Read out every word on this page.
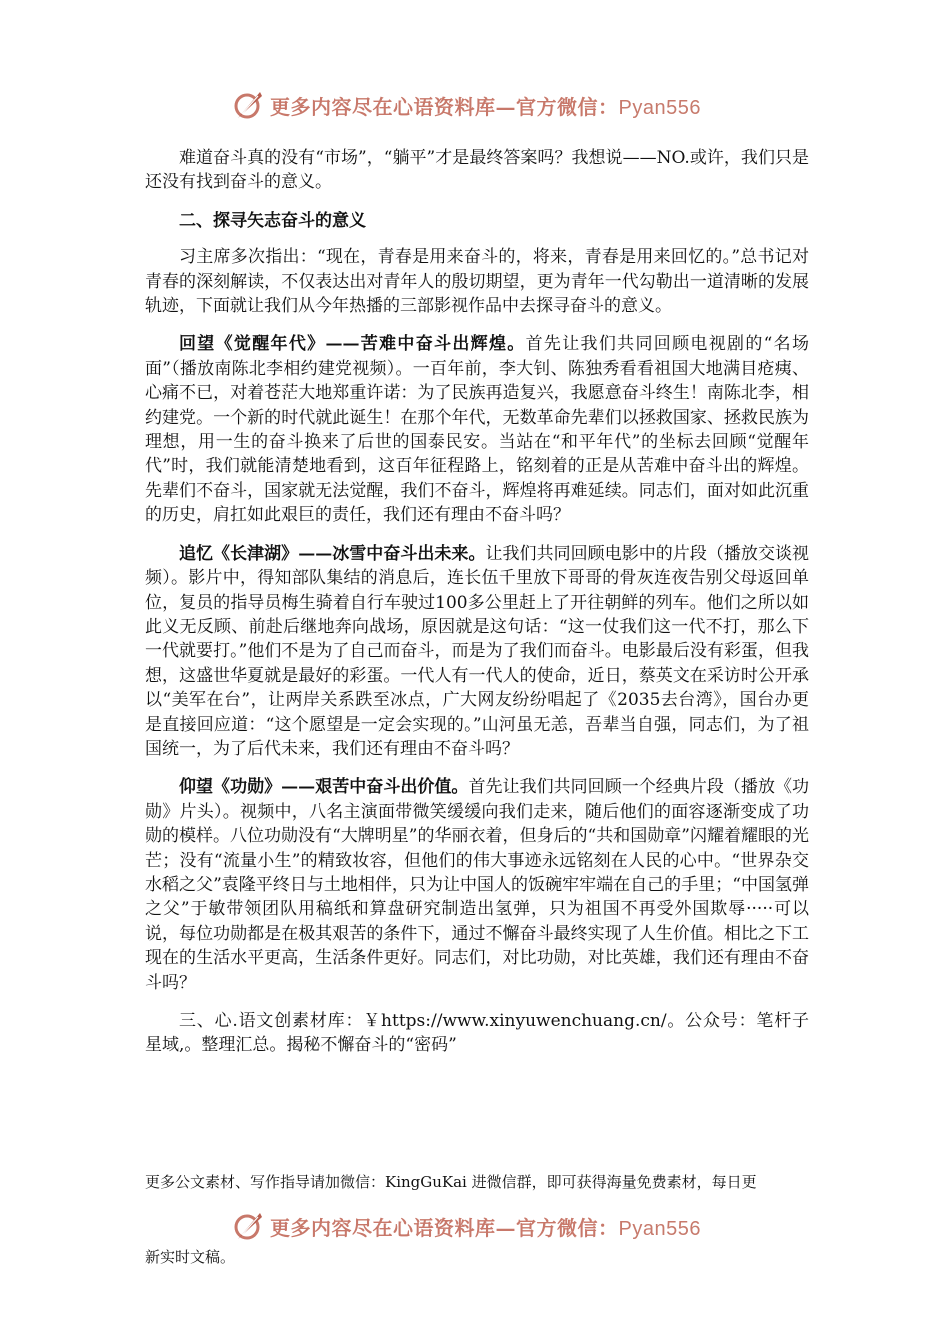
更多内容尽在心语资料库—官方微信：Pyan556

难道奋斗真的没有“市场”，“躺平”才是最终答案吗？我想说——NO.或许，我们只是还没有找到奋斗的意义。

二、探寻矢志奋斗的意义

习主席多次指出：“现在，青春是用来奋斗的，将来，青春是用来回忆的。”总书记对青春的深刻解读，不仅表达出对青年人的殷切期望，更为青年一代勾勒出一道清晰的发展轨迹，下面就让我们从今年热播的三部影视作品中去探寻奋斗的意义。

回望《觉醒年代》——苦难中奋斗出辉煌。首先让我们共同回顾电视剧的“名场面”（播放南陈北李相约建党视频）。一百年前，李大钊、陈独秀看看祖国大地满目疮痍、心痛不已，对着苍茫大地郑重许诺：为了民族再造复兴，我愿意奋斗终生！南陈北李，相约建党。一个新的时代就此诞生！在那个年代，无数革命先辈们以拯救国家、拯救民族为理想，用一生的奋斗换来了后世的国泰民安。当站在“和平年代”的坐标去回顾“觉醒年代”时，我们就能清楚地看到，这百年征程路上，铭刻着的正是从苦难中奋斗出的辉煌。先辈们不奋斗，国家就无法觉醒，我们不奋斗，辉煌将再难延续。同志们，面对如此沉重的历史，肩扛如此艰巨的责任，我们还有理由不奋斗吗？

追忆《长津湖》——冰雪中奋斗出未来。让我们共同回顾电影中的片段（播放交谈视频）。影片中，得知部队集结的消息后，连长伍千里放下哥哥的骨灰连夜告别父母返回单位，复员的指导员梅生骑着自行车驶过100多公里赶上了开往朝鲜的列车。他们之所以如此义无反顾、前赴后继地奔向战场，原因就是这句话：“这一仗我们这一代不打，那么下一代就要打。”他们不是为了自己而奋斗，而是为了我们而奋斗。电影最后没有彩蛋，但我想，这盛世华夏就是最好的彩蛋。一代人有一代人的使命，近日，蔡英文在采访时公开承以“美军在台”，让两岸关系跌至冰点，广大网友纷纷唱起了《2035去台湾》，国台办更是直接回应道：“这个愿望是一定会实现的。”山河虽无恙，吾辈当自强，同志们，为了祖国统一，为了后代未来，我们还有理由不奋斗吗？

仰望《功勋》——艰苦中奋斗出价值。首先让我们共同回顾一个经典片段（播放《功勋》片头）。视频中，八名主演面带微笑缓缓向我们走来，随后他们的面容逐渐变成了功勋的模样。八位功勋没有“大牌明星”的华丽衣着，但身后的“共和国勋章”闪耀着耀眼的光芒；没有“流量小生”的精致妆容，但他们的伟大事迹永远铭刻在人民的心中。“世界杂交水稻之父”袁隆平终日与土地相伴，只为让中国人的饭碗牢牢端在自己的手里；“中国氢弹之父”于敏带领团队用稿纸和算盘研究制造出氢弹，只为祖国不再受外国欺辱·····可以说，每位功勋都是在极其艰苦的条件下，通过不懈奋斗最终实现了人生价值。相比之下工现在的生活水平更高，生活条件更好。同志们，对比功勋，对比英雄，我们还有理由不奋斗吗？

三、心.语文创素材库：￥https://www.xinyuwenchuang.cn/。公众号：笔杆子星域,。整理汇总。揭秘不懈奋斗的“密码”

更多公文素材、写作指导请加微信：KingGuKai 进微信群，即可获得海量免费素材，每日更
更多内容尽在心语资料库—官方微信：Pyan556
新实时文稿。
